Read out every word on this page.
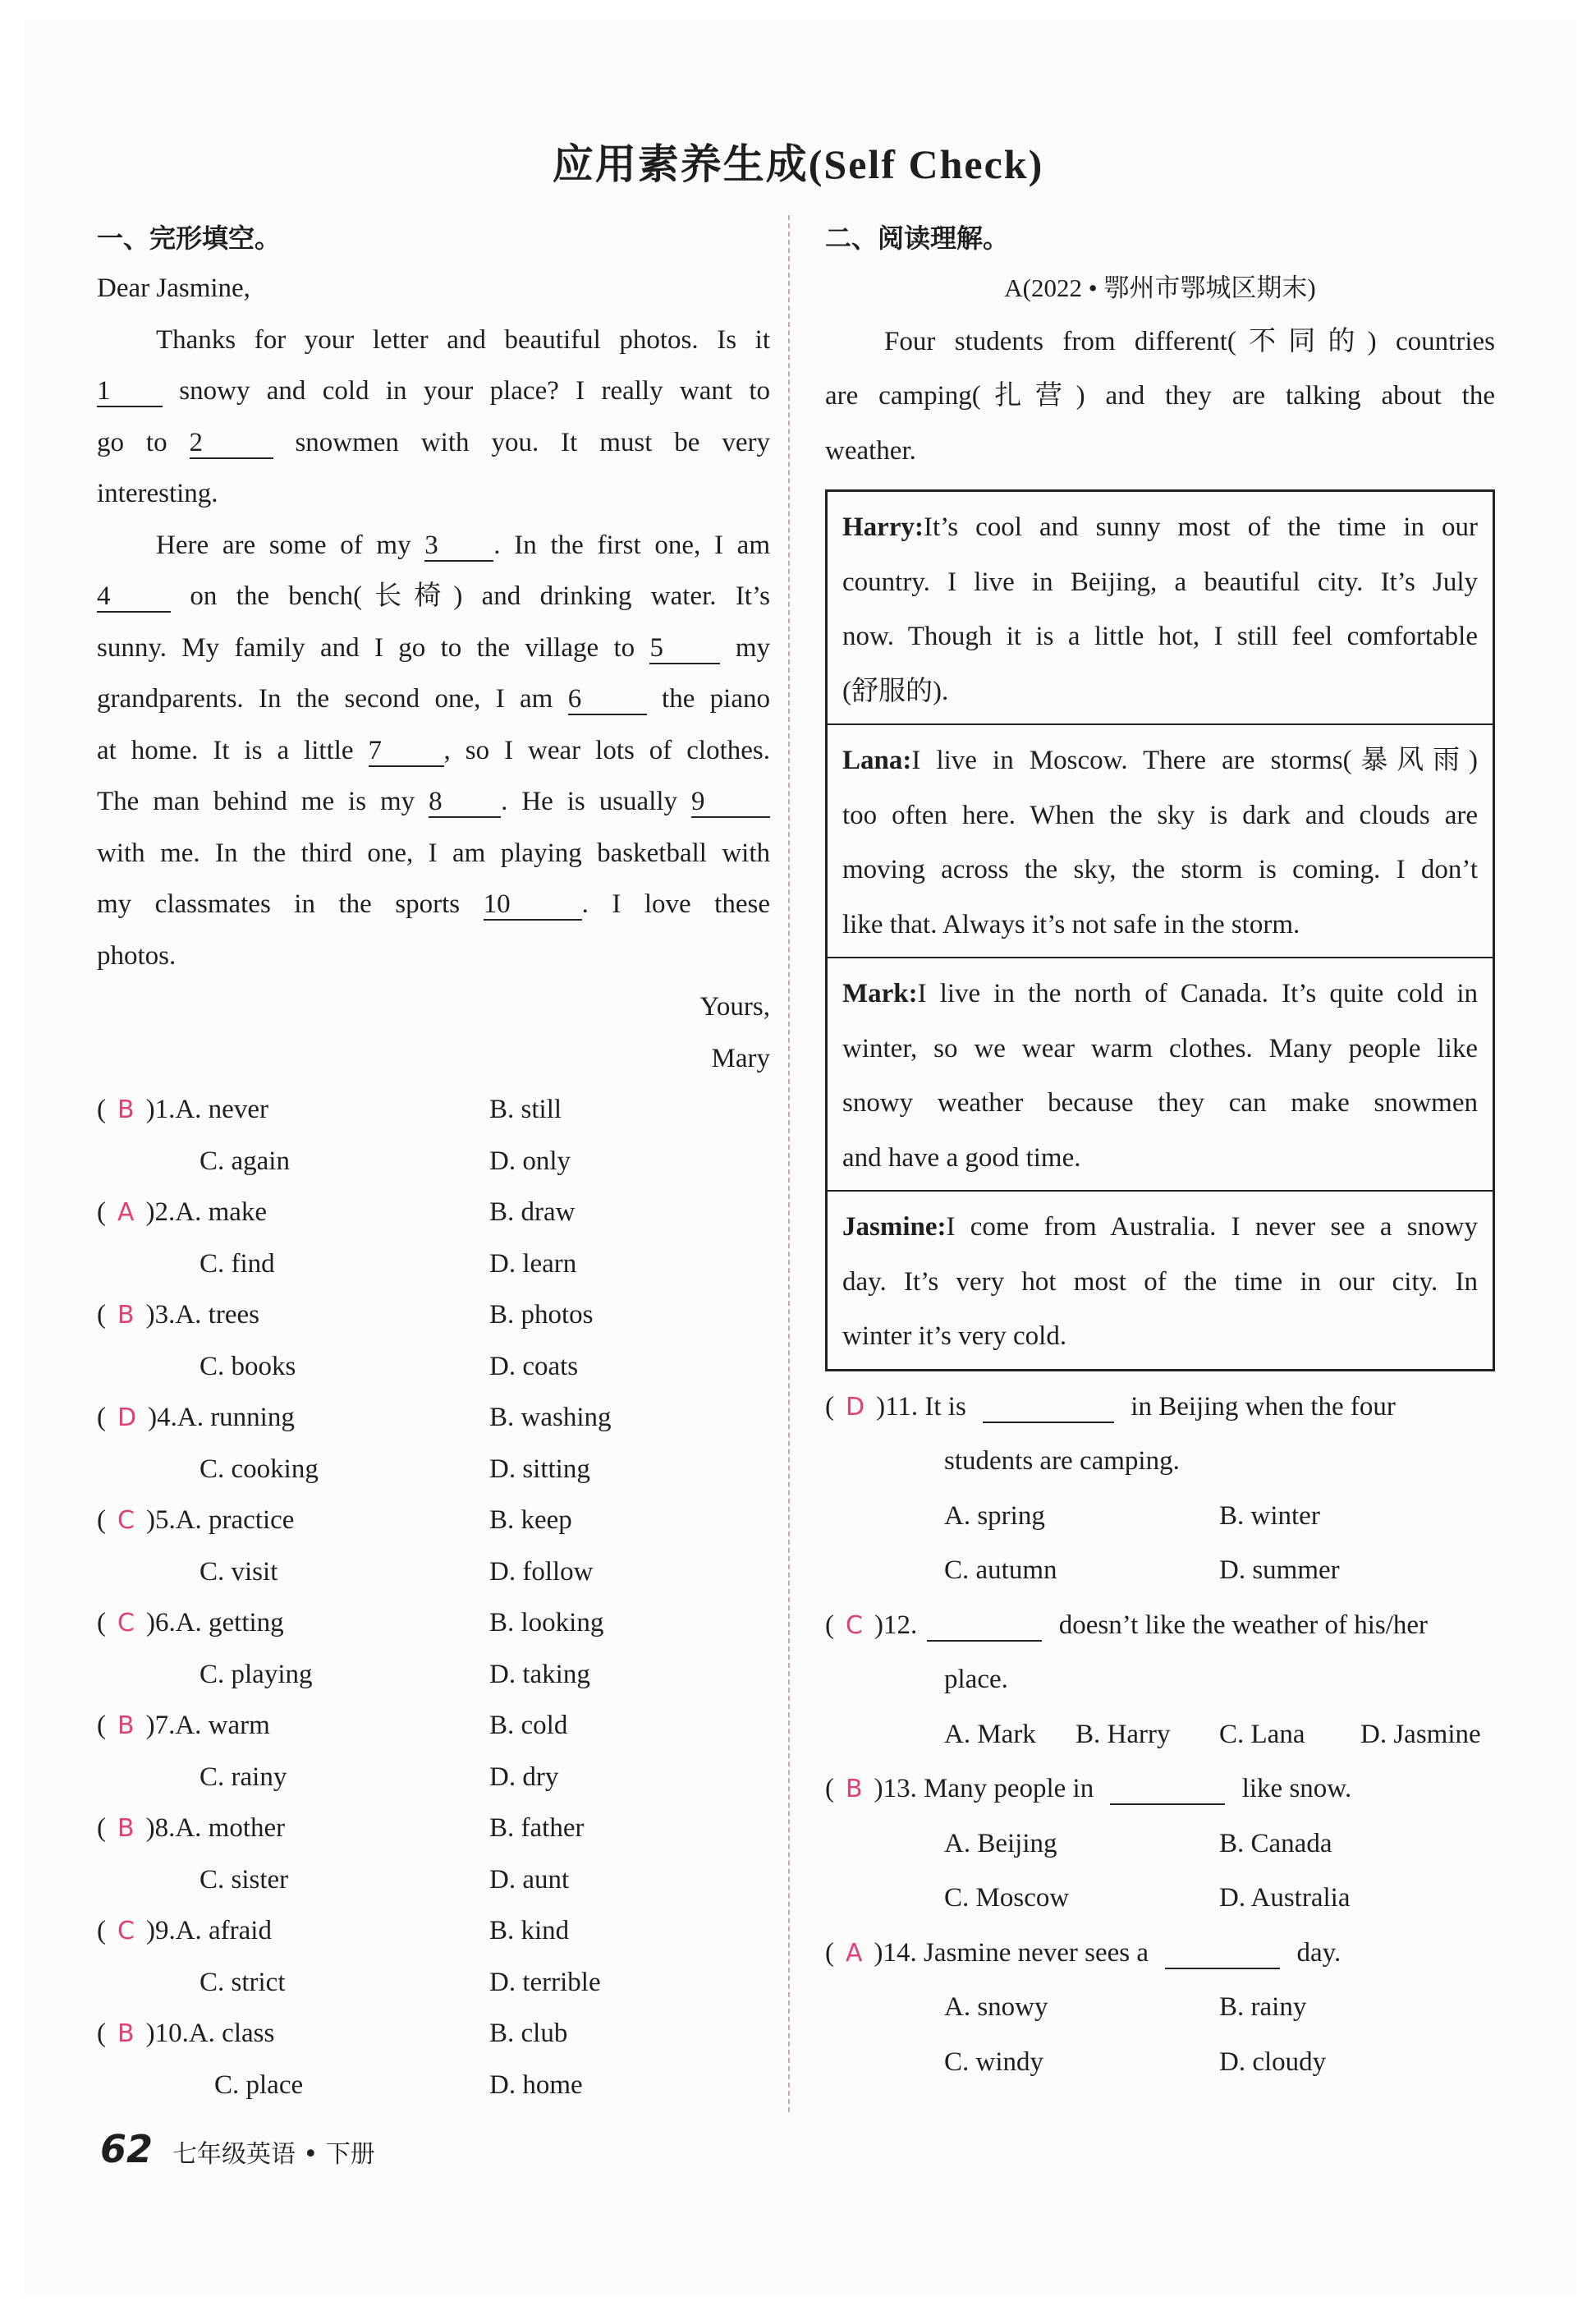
应用素养生成(Self Check)
一、完形填空。
Dear Jasmine,
Thanks for your letter and beautiful photos. Is it
1 snowy and cold in your place? I really want to
go to 2	snowmen with you. It must be very
interesting.
Here are some of my 3 . In the first one, I am
4 on the bench(长椅) and drinking water. It’s
sunny. My family and I go to the village to 5 my
grandparents. In the second one, I am 6 the piano
at home. It is a little 7 , so I wear lots of clothes.
The man behind me is my 8 . He is usually 9
with me. In the third one, I am playing basketball with
my classmates in the sports 10	. I love these
photos.
Yours,
Mary
( B )1.A. never	B. still
C. again	D. only
( A )2.A. make	B. draw
C. find	D. learn
( B )3.A. trees	B. photos
C. books	D. coats
( D )4.A. running	B. washing
C. cooking	D. sitting
( C )5.A. practice	B. keep
C. visit	D. follow
( C )6.A. getting	B. looking
C. playing	D. taking
( B )7.A. warm	B. cold
C. rainy	D. dry
( B )8.A. mother	B. father
C. sister	D. aunt
( C )9.A. afraid	B. kind
C. strict	D. terrible
( B )10.A. class	B. club
C. place	D. home
二、阅读理解。
A(2022 • 鄂州市鄂城区期末)
Four students from different(不同的) countries
are camping(扎营) and they are talking about the
weather.
Harry:It’s cool and sunny most of the time in our
country. I live in Beijing, a beautiful city. It’s July
now. Though it is a little hot, I still feel comfortable
(舒服的).
Lana:I live in Moscow. There are storms(暴风雨)
too often here. When the sky is dark and clouds are
moving across the sky, the storm is coming. I don’t
like that. Always it’s not safe in the storm.
Mark:I live in the north of Canada. It’s quite cold in
winter, so we wear warm clothes. Many people like
snowy weather because they can make snowmen
and have a good time.
Jasmine:I come from Australia. I never see a snowy
day. It’s very hot most of the time in our city. In
winter it’s very cold.
( D )11. It is	in Beijing when the four
students are camping.
A. spring	B. winter
C. autumn	D. summer
( C )12.	doesn’t like the weather of his/her
place.
A. Mark B. Harry C. Lana D. Jasmine
( B )13. Many people in	like snow.
A. Beijing	B. Canada
C. Moscow	D. Australia
( A )14. Jasmine never sees a	day.
A. snowy	B. rainy
C. windy	D. cloudy
62 七年级英语 • 下册
